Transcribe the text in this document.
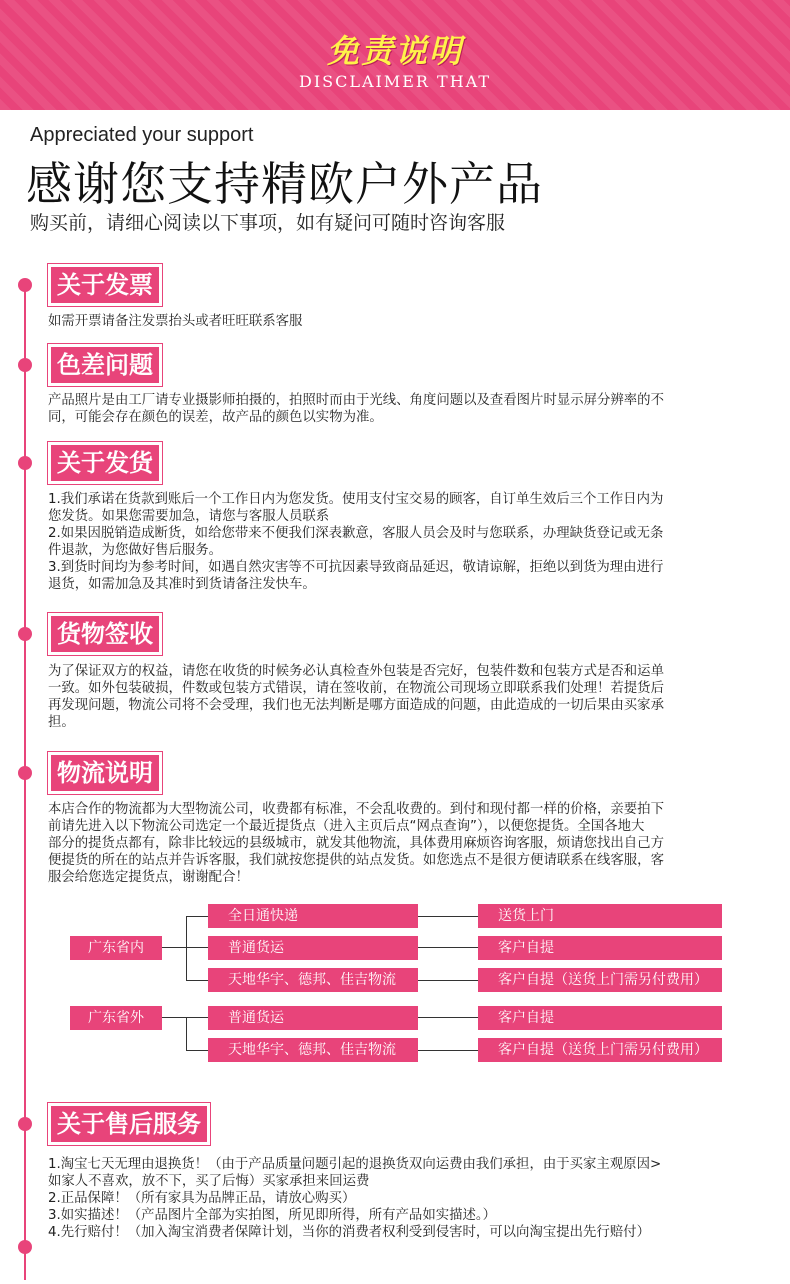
免责说明
DISCLAIMER THAT
Appreciated your support
感谢您支持精欧户外产品
购买前，请细心阅读以下事项，如有疑问可随时咨询客服
关于发票

如需开票请备注发票抬头或者旺旺联系客服

色差问题

产品照片是由工厂请专业摄影师拍摄的，拍照时而由于光线、角度问题以及查看图片时显示屏分辨率的不

同，可能会存在颜色的误差，故产品的颜色以实物为准。

关于发货

1.我们承诺在货款到账后一个工作日内为您发货。使用支付宝交易的顾客，自订单生效后三个工作日内为

您发货。如果您需要加急，请您与客服人员联系

2.如果因脱销造成断货，如给您带来不便我们深表歉意，客服人员会及时与您联系，办理缺货登记或无条

件退款，为您做好售后服务。

3.到货时间均为参考时间，如遇自然灾害等不可抗因素导致商品延迟，敬请谅解，拒绝以到货为理由进行

退货，如需加急及其准时到货请备注发快车。

货物签收

为了保证双方的权益，请您在收货的时候务必认真检查外包装是否完好，包装件数和包装方式是否和运单

一致。如外包装破损，件数或包装方式错误，请在签收前，在物流公司现场立即联系我们处理！若提货后

再发现问题，物流公司将不会受理，我们也无法判断是哪方面造成的问题，由此造成的一切后果由买家承

担。

物流说明

本店合作的物流都为大型物流公司，收费都有标准，不会乱收费的。到付和现付都一样的价格，亲要拍下

前请先进入以下物流公司选定一个最近提货点（进入主页后点“网点查询”），以便您提货。全国各地大

部分的提货点都有，除非比较远的县级城市，就发其他物流，具体费用麻烦咨询客服，烦请您找出自己方

便提货的所在的站点并告诉客服，我们就按您提供的站点发货。如您选点不是很方便请联系在线客服，客

服会给您选定提货点，谢谢配合！

广东省内
全日通快递
普通货运
天地华宇、德邦、佳吉物流
送货上门
客户自提
客户自提（送货上门需另付费用）
广东省外	普通货运
天地华宇、德邦、佳吉物流
客户自提
客户自提（送货上门需另付费用）
关于售后服务

1.淘宝七天无理由退换货！（由于产品质量问题引起的退换货双向运费由我们承担，由于买家主观原因>

如家人不喜欢，放不下，买了后悔）买家承担来回运费

2.正品保障！（所有家具为品牌正品，请放心购买）

3.如实描述！（产品图片全部为实拍图，所见即所得，所有产品如实描述。）

4.先行赔付！（加入淘宝消费者保障计划，当你的消费者权利受到侵害时，可以向淘宝提出先行赔付）
